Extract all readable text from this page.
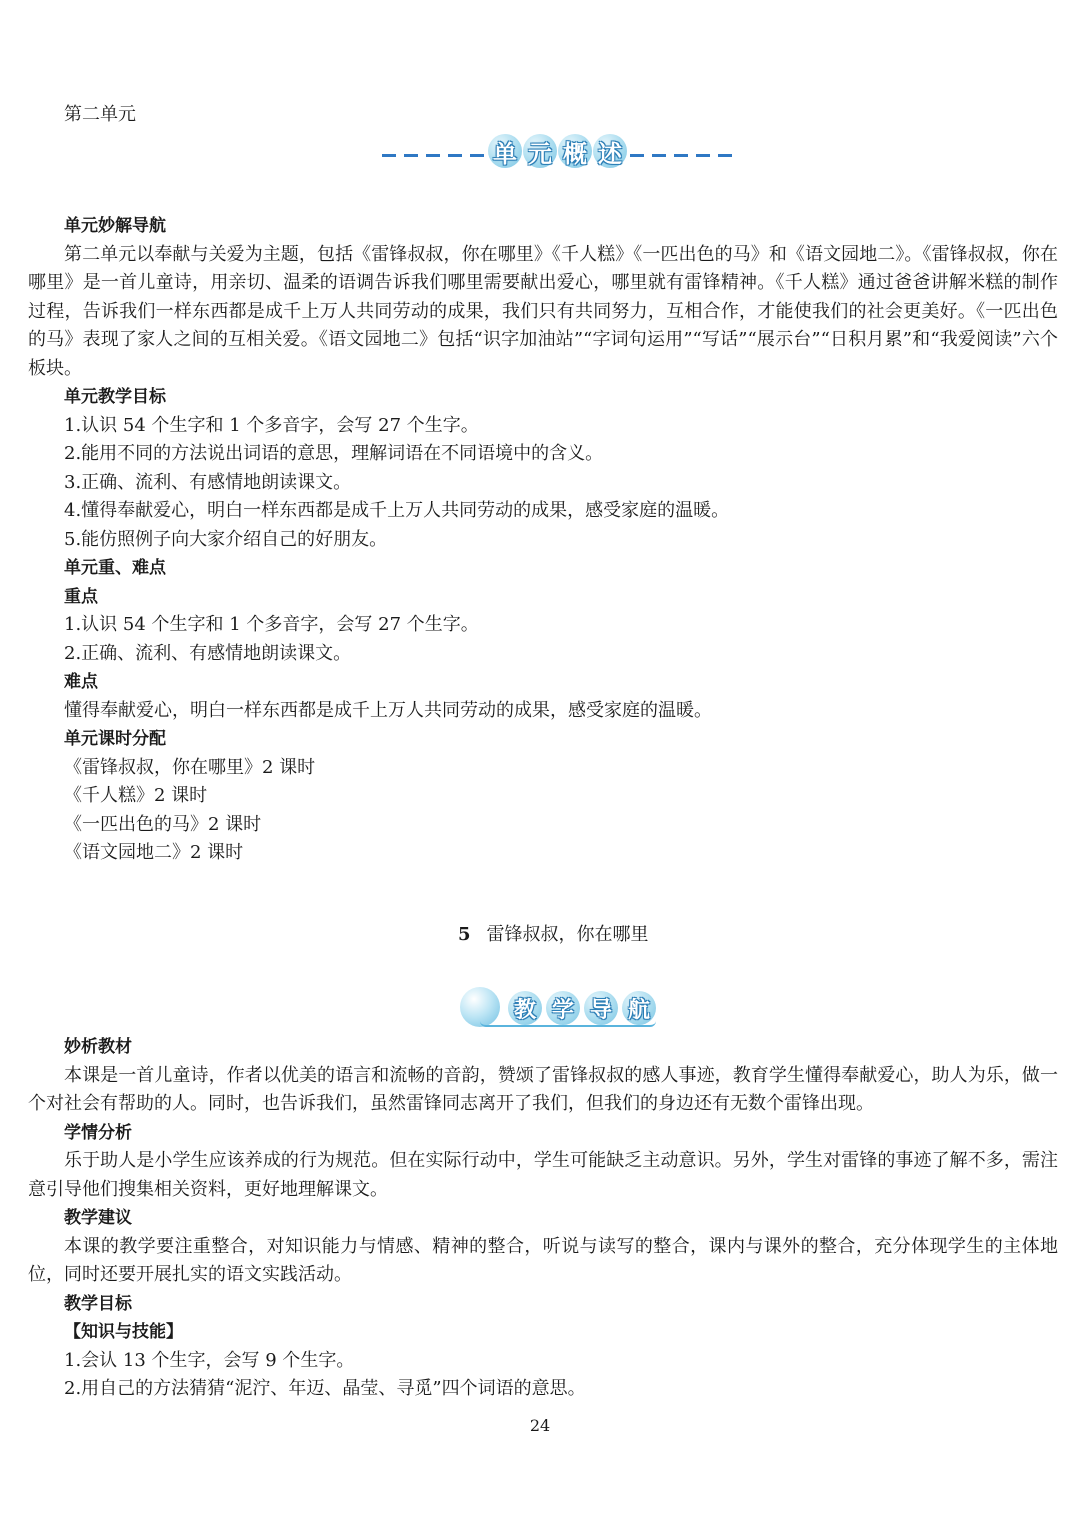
第二单元
单 元 概 述

单元妙解导航

第二单元以奉献与关爱为主题，包括《雷锋叔叔，你在哪里》《千人糕》《一匹出色的马》和《语文园地二》。《雷锋叔叔，你在哪里》是一首儿童诗，用亲切、温柔的语调告诉我们哪里需要献出爱心，哪里就有雷锋精神。《千人糕》通过爸爸讲解米糕的制作过程，告诉我们一样东西都是成千上万人共同劳动的成果，我们只有共同努力，互相合作，才能使我们的社会更美好。《一匹出色的马》表现了家人之间的互相关爱。《语文园地二》包括“识字加油站”“字词句运用”“写话”“展示台”“日积月累”和“我爱阅读”六个板块。

单元教学目标

1.认识 54 个生字和 1 个多音字，会写 27 个生字。

2.能用不同的方法说出词语的意思，理解词语在不同语境中的含义。

3.正确、流利、有感情地朗读课文。

4.懂得奉献爱心，明白一样东西都是成千上万人共同劳动的成果，感受家庭的温暖。

5.能仿照例子向大家介绍自己的好朋友。

单元重、难点

重点

1.认识 54 个生字和 1 个多音字，会写 27 个生字。

2.正确、流利、有感情地朗读课文。

难点

懂得奉献爱心，明白一样东西都是成千上万人共同劳动的成果，感受家庭的温暖。

单元课时分配

《雷锋叔叔，你在哪里》2 课时

《千人糕》2 课时

《一匹出色的马》2 课时

《语文园地二》2 课时

5 雷锋叔叔，你在哪里
教 学 导 航

妙析教材

本课是一首儿童诗，作者以优美的语言和流畅的音韵，赞颂了雷锋叔叔的感人事迹，教育学生懂得奉献爱心，助人为乐，做一个对社会有帮助的人。同时，也告诉我们，虽然雷锋同志离开了我们，但我们的身边还有无数个雷锋出现。

学情分析

乐于助人是小学生应该养成的行为规范。但在实际行动中，学生可能缺乏主动意识。另外，学生对雷锋的事迹了解不多，需注意引导他们搜集相关资料，更好地理解课文。

教学建议

本课的教学要注重整合，对知识能力与情感、精神的整合，听说与读写的整合，课内与课外的整合，充分体现学生的主体地位，同时还要开展扎实的语文实践活动。

教学目标

【知识与技能】

1.会认 13 个生字，会写 9 个生字。

2.用自己的方法猜猜“泥泞、年迈、晶莹、寻觅”四个词语的意思。

24
